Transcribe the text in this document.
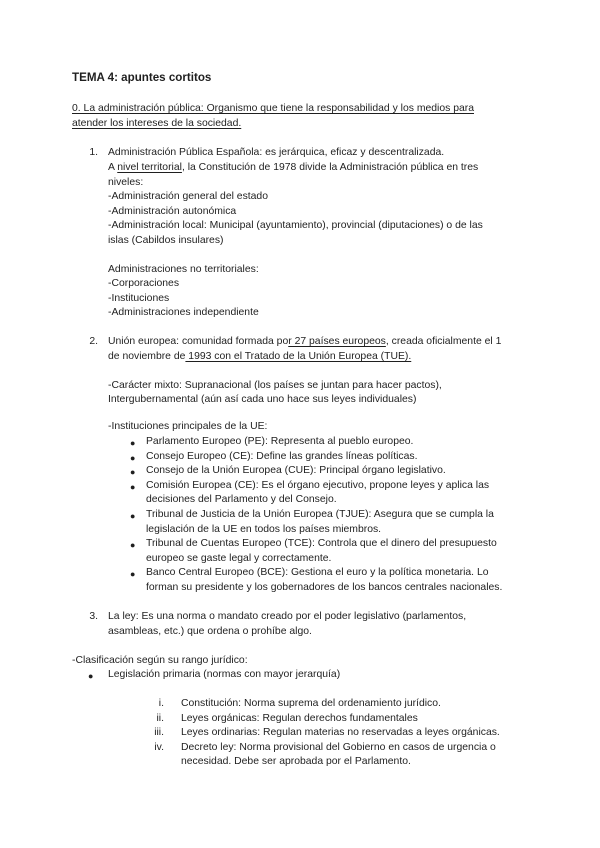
TEMA 4: apuntes cortitos
0. La administración pública: Organismo que tiene la responsabilidad y los medios para
atender los intereses de la sociedad.
1. Administración Pública Española: es jerárquica, eficaz y descentralizada.
A nivel territorial, la Constitución de 1978 divide la Administración pública en tres
niveles:
-Administración general del estado
-Administración autonómica
-Administración local: Municipal (ayuntamiento), provincial (diputaciones) o de las
islas (Cabildos insulares)
Administraciones no territoriales:
-Corporaciones
-Instituciones
-Administraciones independiente
2. Unión europea: comunidad formada por 27 países europeos, creada oficialmente el 1
de noviembre de 1993 con el Tratado de la Unión Europea (TUE).
-Carácter mixto: Supranacional (los países se juntan para hacer pactos),
Intergubernamental (aún así cada uno hace sus leyes individuales)
-Instituciones principales de la UE:
● Parlamento Europeo (PE): Representa al pueblo europeo.
● Consejo Europeo (CE): Define las grandes líneas políticas.
● Consejo de la Unión Europea (CUE): Principal órgano legislativo.
● Comisión Europea (CE): Es el órgano ejecutivo, propone leyes y aplica las
decisiones del Parlamento y del Consejo.
● Tribunal de Justicia de la Unión Europea (TJUE): Asegura que se cumpla la
legislación de la UE en todos los países miembros.
● Tribunal de Cuentas Europeo (TCE): Controla que el dinero del presupuesto
europeo se gaste legal y correctamente.
● Banco Central Europeo (BCE): Gestiona el euro y la política monetaria. Lo
forman su presidente y los gobernadores de los bancos centrales nacionales.
3. La ley: Es una norma o mandato creado por el poder legislativo (parlamentos,
asambleas, etc.) que ordena o prohíbe algo.
-Clasificación según su rango jurídico:
● Legislación primaria (normas con mayor jerarquía)
i. Constitución: Norma suprema del ordenamiento jurídico.
ii. Leyes orgánicas: Regulan derechos fundamentales
iii. Leyes ordinarias: Regulan materias no reservadas a leyes orgánicas.
iv. Decreto ley: Norma provisional del Gobierno en casos de urgencia o
necesidad. Debe ser aprobada por el Parlamento.
